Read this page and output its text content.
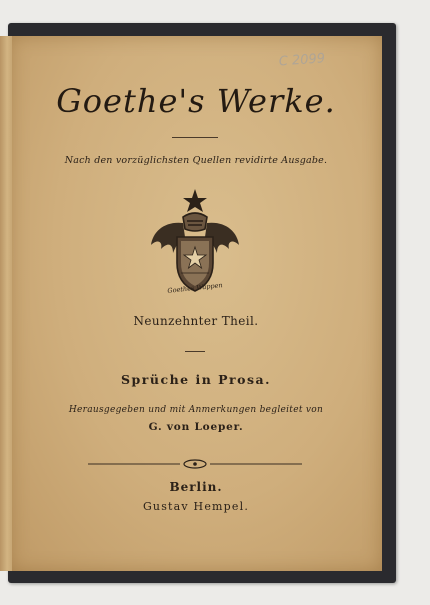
C 2099
Goethe's Werke.
Nach den vorzüglichsten Quellen revidirte Ausgabe.
Goethes Wappen
Neunzehnter Theil.
Sprüche in Prosa.
Herausgegeben und mit Anmerkungen begleitet von
G. von Loeper.
Berlin.
Gustav Hempel.
